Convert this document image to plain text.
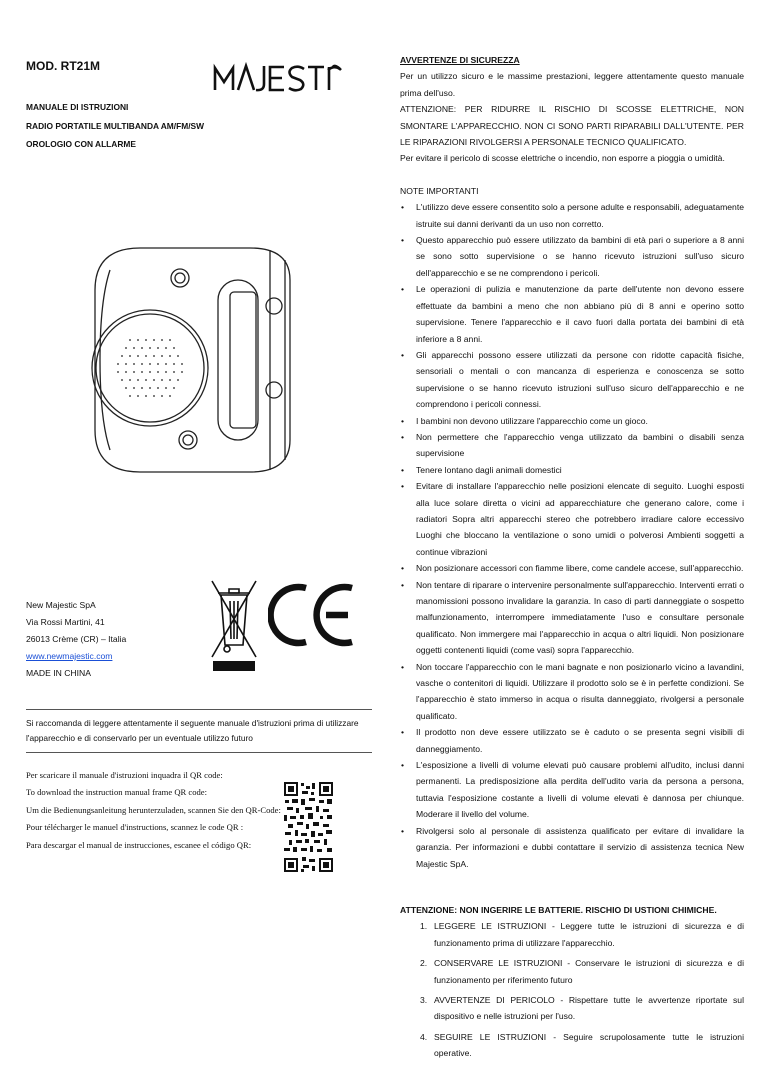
MOD. RT21M
MANUALE DI ISTRUZIONI
RADIO PORTATILE MULTIBANDA AM/FM/SW
OROLOGIO CON ALLARME
New Majestic SpA
Via Rossi Martini, 41
26013 Crème (CR) – Italia
www.newmajestic.com
MADE IN CHINA
Si raccomanda di leggere attentamente il seguente manuale d'istruzioni prima di utilizzare l'apparecchio e di conservarlo per un eventuale utilizzo futuro
Per scaricare il manuale d'istruzioni inquadra il QR code:
To download the instruction manual frame QR code:
Um die Bedienungsanleitung herunterzuladen, scannen Sie den QR-Code:
Pour télécharger le manuel d'instructions, scannez le code QR :
Para descargar el manual de instrucciones, escanee el código QR:

AVVERTENZE DI SICUREZZA

Per un utilizzo sicuro e le massime prestazioni, leggere attentamente questo manuale prima dell'uso.

ATTENZIONE: PER RIDURRE IL RISCHIO DI SCOSSE ELETTRICHE, NON SMONTARE L'APPARECCHIO. NON CI SONO PARTI RIPARABILI DALL'UTENTE. PER LE RIPARAZIONI RIVOLGERSI A PERSONALE TECNICO QUALIFICATO.

Per evitare il pericolo di scosse elettriche o incendio, non esporre a pioggia o umidità.

NOTE IMPORTANTI

• L'utilizzo deve essere consentito solo a persone adulte e responsabili, adeguatamente istruite sui danni derivanti da un uso non corretto.
• Questo apparecchio può essere utilizzato da bambini di età pari o superiore a 8 anni se sono sotto supervisione o se hanno ricevuto istruzioni sull'uso sicuro dell'apparecchio e se ne comprendono i pericoli.
• Le operazioni di pulizia e manutenzione da parte dell'utente non devono essere effettuate da bambini a meno che non abbiano più di 8 anni e operino sotto supervisione. Tenere l'apparecchio e il cavo fuori dalla portata dei bambini di età inferiore a 8 anni.
• Gli apparecchi possono essere utilizzati da persone con ridotte capacità fisiche, sensoriali o mentali o con mancanza di esperienza e conoscenza se sotto supervisione o se hanno ricevuto istruzioni sull'uso sicuro dell'apparecchio e ne comprendono i pericoli connessi.
• I bambini non devono utilizzare l'apparecchio come un gioco.
• Non permettere che l'apparecchio venga utilizzato da bambini o disabili senza supervisione
• Tenere lontano dagli animali domestici
• Evitare di installare l'apparecchio nelle posizioni elencate di seguito. Luoghi esposti alla luce solare diretta o vicini ad apparecchiature che generano calore, come i radiatori Sopra altri apparecchi stereo che potrebbero irradiare calore eccessivo Luoghi che bloccano la ventilazione o sono umidi o polverosi Ambienti soggetti a continue vibrazioni
• Non posizionare accessori con fiamme libere, come candele accese, sull'apparecchio.
• Non tentare di riparare o intervenire personalmente sull'apparecchio. Interventi errati o manomissioni possono invalidare la garanzia. In caso di parti danneggiate o sospetto malfunzionamento, interrompere immediatamente l'uso e consultare personale qualificato. Non immergere mai l'apparecchio in acqua o altri liquidi. Non posizionare oggetti contenenti liquidi (come vasi) sopra l'apparecchio.
• Non toccare l'apparecchio con le mani bagnate e non posizionarlo vicino a lavandini, vasche o contenitori di liquidi. Utilizzare il prodotto solo se è in perfette condizioni. Se l'apparecchio è stato immerso in acqua o risulta danneggiato, rivolgersi a personale qualificato.
• Il prodotto non deve essere utilizzato se è caduto o se presenta segni visibili di danneggiamento.
• L'esposizione a livelli di volume elevati può causare problemi all'udito, inclusi danni permanenti. La predisposizione alla perdita dell'udito varia da persona a persona, tuttavia l'esposizione costante a livelli di volume elevati è dannosa per chiunque. Moderare il livello del volume.
• Rivolgersi solo al personale di assistenza qualificato per evitare di invalidare la garanzia. Per informazioni e dubbi contattare il servizio di assistenza tecnica New Majestic SpA.

ATTENZIONE: NON INGERIRE LE BATTERIE. RISCHIO DI USTIONI CHIMICHE.

1. LEGGERE LE ISTRUZIONI - Leggere tutte le istruzioni di sicurezza e di funzionamento prima di utilizzare l'apparecchio.
2. CONSERVARE LE ISTRUZIONI - Conservare le istruzioni di sicurezza e di funzionamento per riferimento futuro
3. AVVERTENZE DI PERICOLO - Rispettare tutte le avvertenze riportate sul dispositivo e nelle istruzioni per l'uso.
4. SEGUIRE LE ISTRUZIONI - Seguire scrupolosamente tutte le istruzioni operative.
